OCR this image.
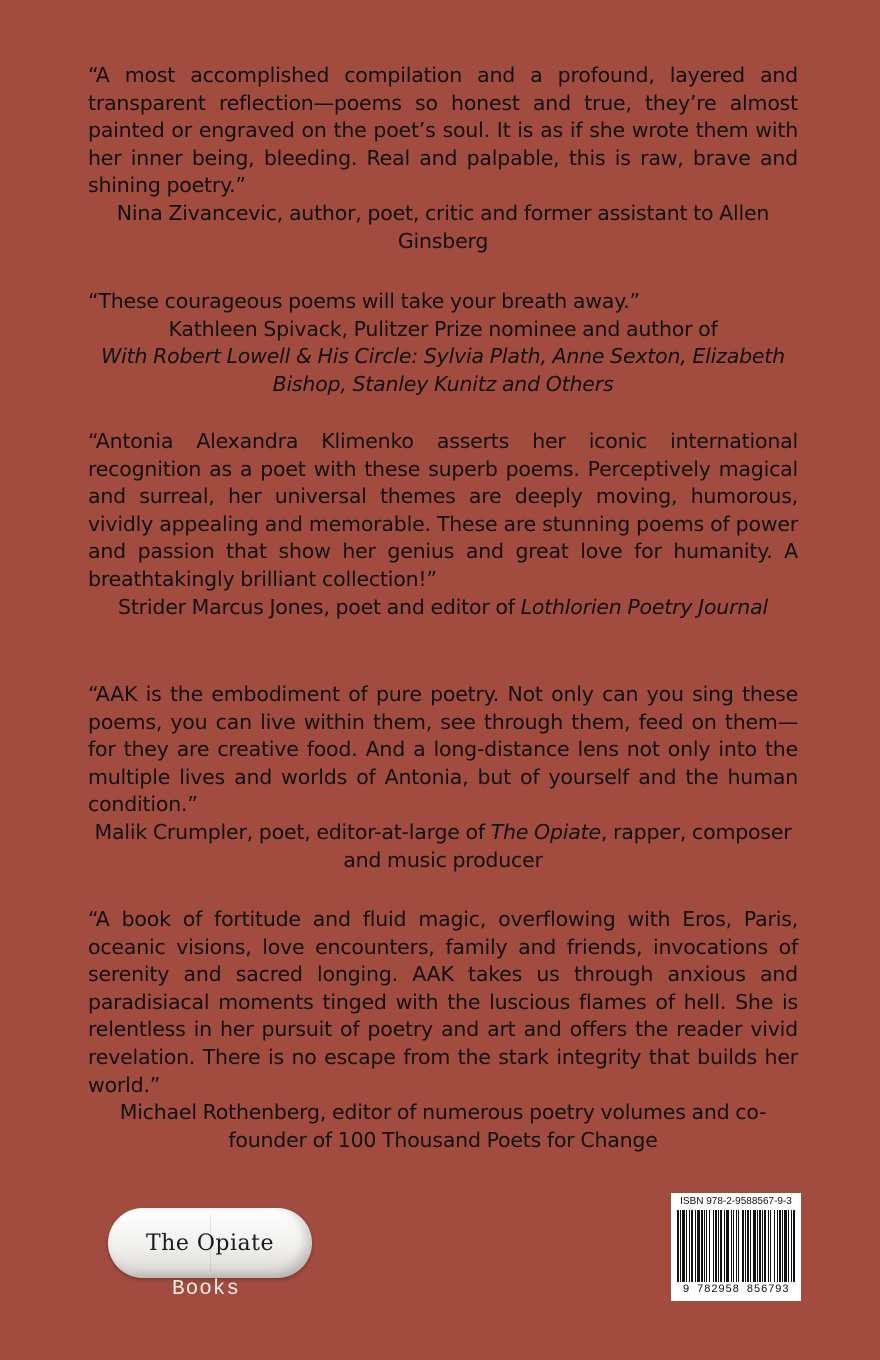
“A most accomplished compilation and a profound, layered and transparent reflection—poems so honest and true, they’re almost painted or engraved on the poet’s soul. It is as if she wrote them with her inner being, bleeding. Real and palpable, this is raw, brave and shining poetry.”

Nina Zivancevic, author, poet, critic and former assistant to Allen Ginsberg

“These courageous poems will take your breath away.”

Kathleen Spivack, Pulitzer Prize nominee and author of
With Robert Lowell & His Circle: Sylvia Plath, Anne Sexton, Elizabeth Bishop, Stanley Kunitz and Others

“Antonia Alexandra Klimenko asserts her iconic international recognition as a poet with these superb poems. Perceptively magical and surreal, her universal themes are deeply moving, humorous, vividly appealing and memorable. These are stunning poems of power and passion that show her genius and great love for humanity. A breathtakingly brilliant collection!”

Strider Marcus Jones, poet and editor of Lothlorien Poetry Journal

“AAK is the embodiment of pure poetry. Not only can you sing these poems, you can live within them, see through them, feed on them—for they are creative food. And a long-distance lens not only into the multiple lives and worlds of Antonia, but of yourself and the human condition.”

Malik Crumpler, poet, editor-at-large of The Opiate, rapper, composer and music producer

“A book of fortitude and fluid magic, overflowing with Eros, Paris, oceanic visions, love encounters, family and friends, invocations of serenity and sacred longing. AAK takes us through anxious and paradisiacal moments tinged with the luscious flames of hell. She is relentless in her pursuit of poetry and art and offers the reader vivid revelation. There is no escape from the stark integrity that builds her world.”

Michael Rothenberg, editor of numerous poetry volumes and co-founder of 100 Thousand Poets for Change

The Opiate
Books
ISBN 978-2-9588567-9-3
9 782958 856793
